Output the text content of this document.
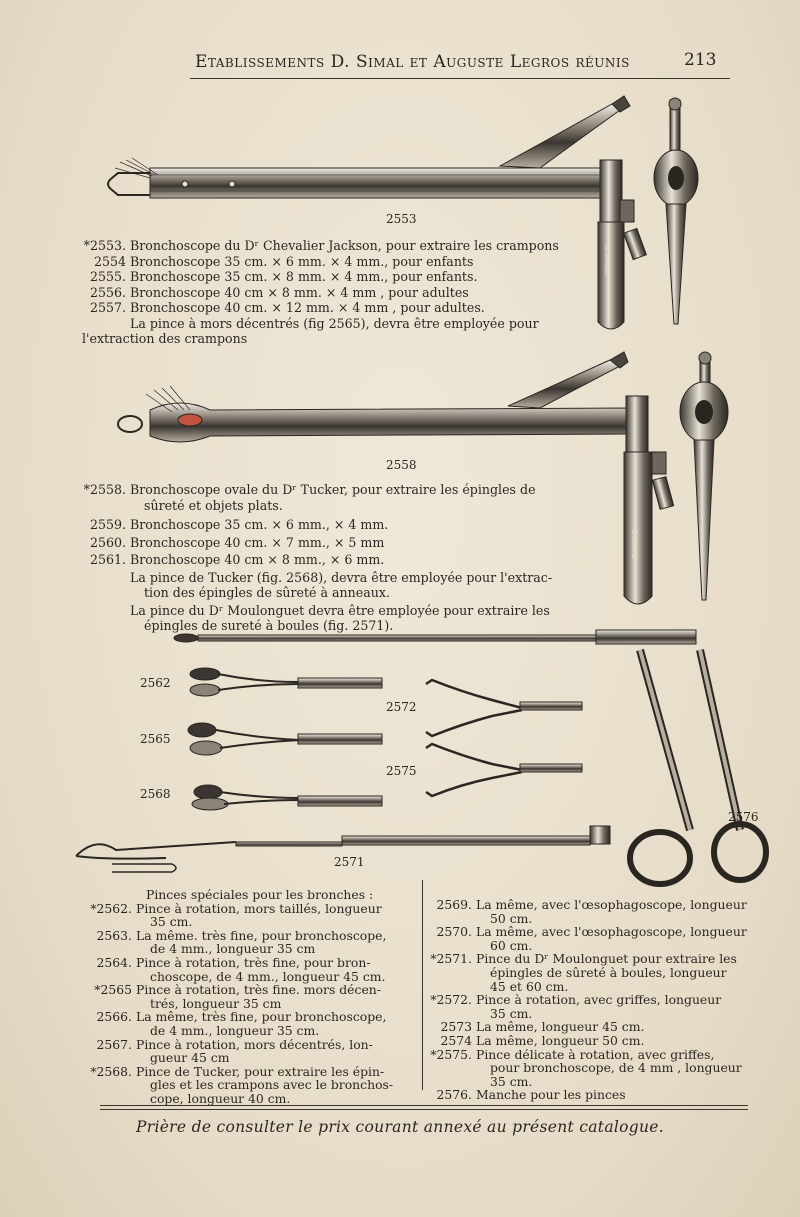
Etablissements D. Simal et Auguste Legros réunis	213
D.SIMAL
D.SIMAL
2553
2558
2562
2565
2568
2572
2575
2571
2576
*2553. Bronchoscope du Dʳ Chevalier Jackson, pour extraire les crampons
2554 Bronchoscope 35 cm. × 6 mm. × 4 mm., pour enfants
2555. Bronchoscope 35 cm. × 8 mm. × 4 mm., pour enfants.
2556. Bronchoscope 40 cm × 8 mm. × 4 mm , pour adultes
2557. Bronchoscope 40 cm. × 12 mm. × 4 mm , pour adultes.
La pince à mors décentrés (fig 2565), devra être employée pour
l'extraction des crampons
*2558. Bronchoscope ovale du Dʳ Tucker, pour extraire les épingles de
sûreté et objets plats.
2559. Bronchoscope 35 cm. × 6 mm., × 4 mm.
2560. Bronchoscope 40 cm. × 7 mm., × 5 mm
2561. Bronchoscope 40 cm × 8 mm., × 6 mm.
La pince de Tucker (fig. 2568), devra être employée pour l'extrac-
tion des épingles de sûreté à anneaux.
La pince du Dʳ Moulonguet devra être employée pour extraire les
épingles de sureté à boules (fig. 2571).
Pinces spéciales pour les bronches :
*2562. Pince à rotation, mors taillés, longueur
35 cm.
2563. La même. très fine, pour bronchoscope,
de 4 mm., longueur 35 cm
2564. Pince à rotation, très fine, pour bron-
choscope, de 4 mm., longueur 45 cm.
*2565 Pince à rotation, très fine. mors décen-
trés, longueur 35 cm
2566. La même, très fine, pour bronchoscope,
de 4 mm., longueur 35 cm.
2567. Pince à rotation, mors décentrés, lon-
gueur 45 cm
*2568. Pince de Tucker, pour extraire les épin-
gles et les crampons avec le bronchos-
cope, longueur 40 cm.
2569. La même, avec l'œsophagoscope, longueur
50 cm.
2570. La même, avec l'œsophagoscope, longueur
60 cm.
*2571. Pince du Dʳ Moulonguet pour extraire les
épingles de sûreté à boules, longueur
45 et 60 cm.
*2572. Pince à rotation, avec griffes, longueur
35 cm.
2573 La même, longueur 45 cm.
2574 La même, longueur 50 cm.
*2575. Pince délicate à rotation, avec griffes,
pour bronchoscope, de 4 mm , longueur
35 cm.
2576. Manche pour les pinces
Prière de consulter le prix courant annexé au présent catalogue.
